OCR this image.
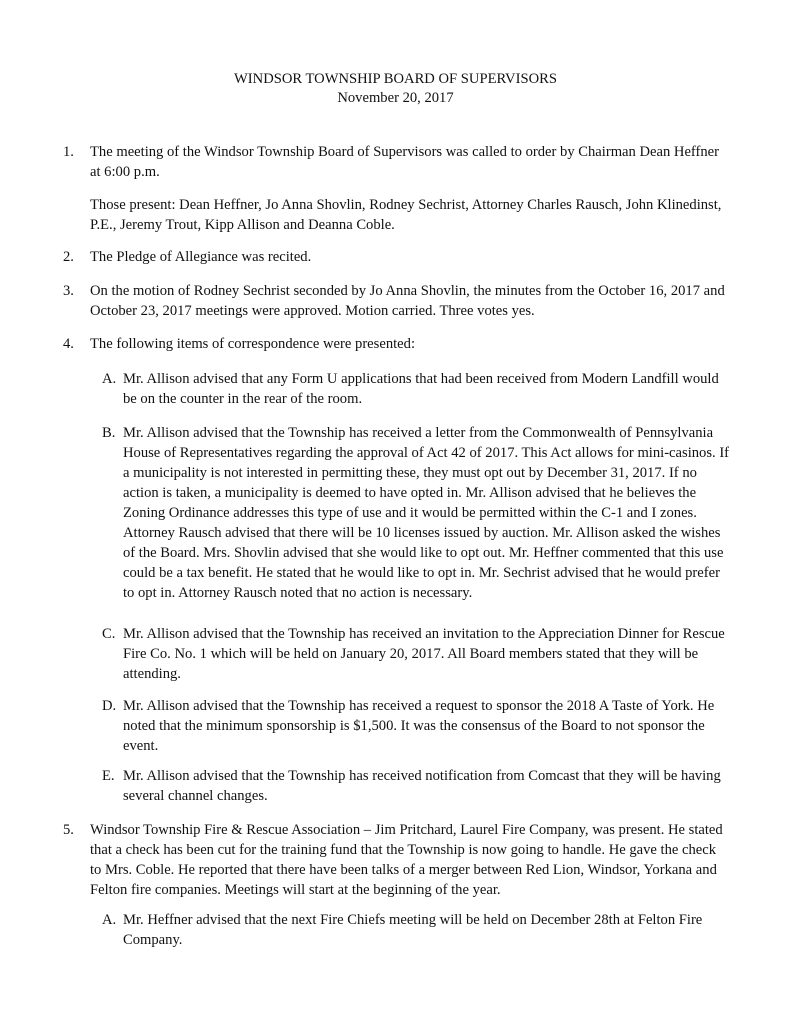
WINDSOR TOWNSHIP BOARD OF SUPERVISORS
November 20, 2017
1. The meeting of the Windsor Township Board of Supervisors was called to order by Chairman Dean Heffner at 6:00 p.m.

Those present: Dean Heffner, Jo Anna Shovlin, Rodney Sechrist, Attorney Charles Rausch, John Klinedinst, P.E., Jeremy Trout, Kipp Allison and Deanna Coble.

2. The Pledge of Allegiance was recited.

3. On the motion of Rodney Sechrist seconded by Jo Anna Shovlin, the minutes from the October 16, 2017 and October 23, 2017 meetings were approved. Motion carried. Three votes yes.

4. The following items of correspondence were presented:

A. Mr. Allison advised that any Form U applications that had been received from Modern Landfill would be on the counter in the rear of the room.

B. Mr. Allison advised that the Township has received a letter from the Commonwealth of Pennsylvania House of Representatives regarding the approval of Act 42 of 2017. This Act allows for mini-casinos. If a municipality is not interested in permitting these, they must opt out by December 31, 2017. If no action is taken, a municipality is deemed to have opted in. Mr. Allison advised that he believes the Zoning Ordinance addresses this type of use and it would be permitted within the C-1 and I zones. Attorney Rausch advised that there will be 10 licenses issued by auction. Mr. Allison asked the wishes of the Board. Mrs. Shovlin advised that she would like to opt out. Mr. Heffner commented that this use could be a tax benefit. He stated that he would like to opt in. Mr. Sechrist advised that he would prefer to opt in. Attorney Rausch noted that no action is necessary.

C. Mr. Allison advised that the Township has received an invitation to the Appreciation Dinner for Rescue Fire Co. No. 1 which will be held on January 20, 2017. All Board members stated that they will be attending.

D. Mr. Allison advised that the Township has received a request to sponsor the 2018 A Taste of York. He noted that the minimum sponsorship is $1,500. It was the consensus of the Board to not sponsor the event.

E. Mr. Allison advised that the Township has received notification from Comcast that they will be having several channel changes.

5. Windsor Township Fire & Rescue Association – Jim Pritchard, Laurel Fire Company, was present. He stated that a check has been cut for the training fund that the Township is now going to handle. He gave the check to Mrs. Coble. He reported that there have been talks of a merger between Red Lion, Windsor, Yorkana and Felton fire companies. Meetings will start at the beginning of the year.

A. Mr. Heffner advised that the next Fire Chiefs meeting will be held on December 28th at Felton Fire Company.
